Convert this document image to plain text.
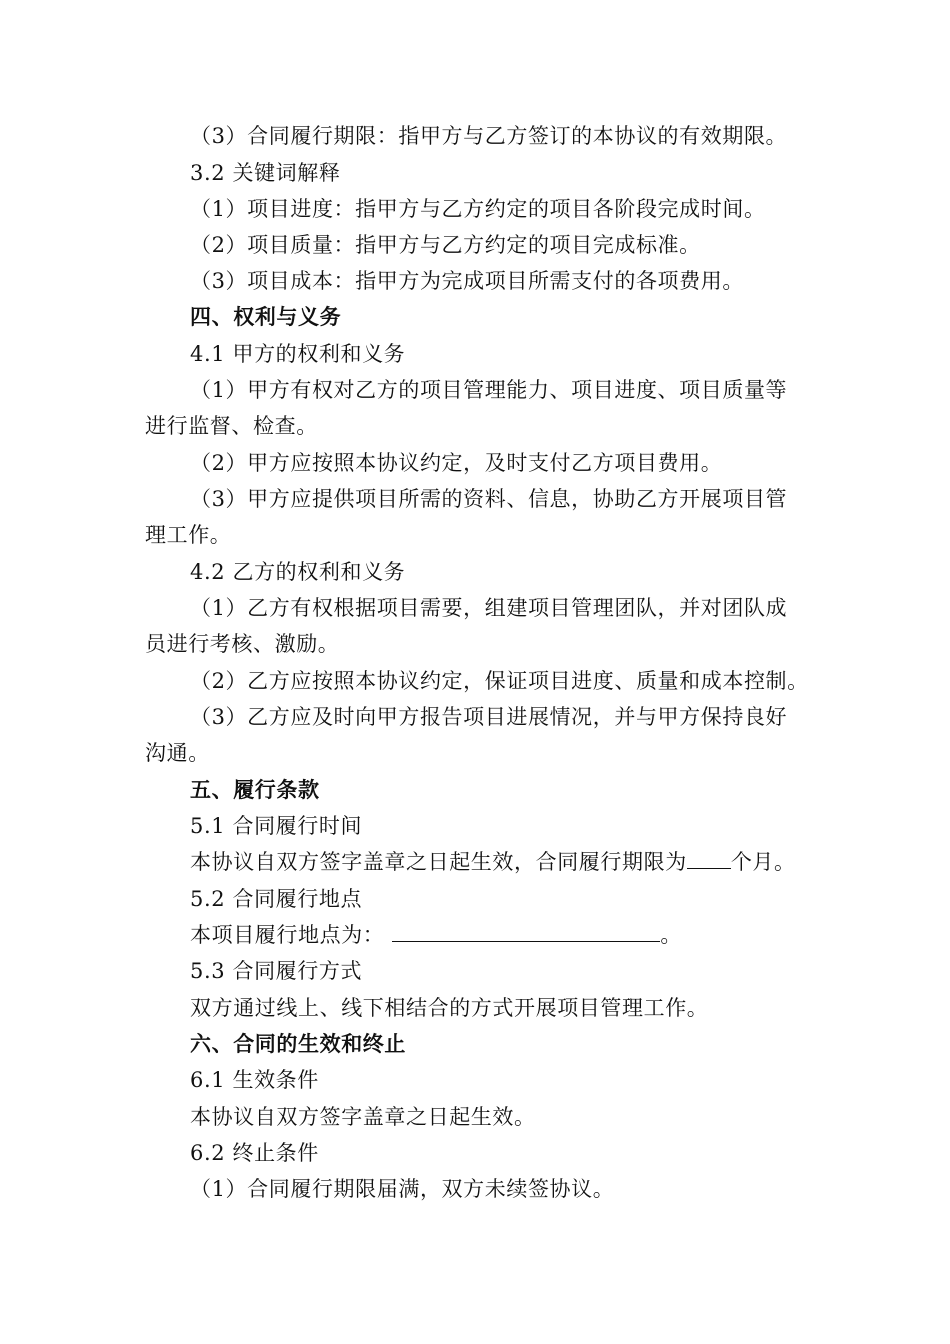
（3）合同履行期限：指甲方与乙方签订的本协议的有效期限。
3.2 关键词解释
（1）项目进度：指甲方与乙方约定的项目各阶段完成时间。
（2）项目质量：指甲方与乙方约定的项目完成标准。
（3）项目成本：指甲方为完成项目所需支付的各项费用。
四、权利与义务
4.1 甲方的权利和义务
（1）甲方有权对乙方的项目管理能力、项目进度、项目质量等
进行监督、检查。
（2）甲方应按照本协议约定，及时支付乙方项目费用。
（3）甲方应提供项目所需的资料、信息，协助乙方开展项目管
理工作。
4.2 乙方的权利和义务
（1）乙方有权根据项目需要，组建项目管理团队，并对团队成
员进行考核、激励。
（2）乙方应按照本协议约定，保证项目进度、质量和成本控制。
（3）乙方应及时向甲方报告项目进展情况，并与甲方保持良好
沟通。
五、履行条款
5.1 合同履行时间
本协议自双方签字盖章之日起生效，合同履行期限为 个月。
5.2 合同履行地点
本项目履行地点为：	。
5.3 合同履行方式
双方通过线上、线下相结合的方式开展项目管理工作。
六、合同的生效和终止
6.1 生效条件
本协议自双方签字盖章之日起生效。
6.2 终止条件
（1）合同履行期限届满，双方未续签协议。
